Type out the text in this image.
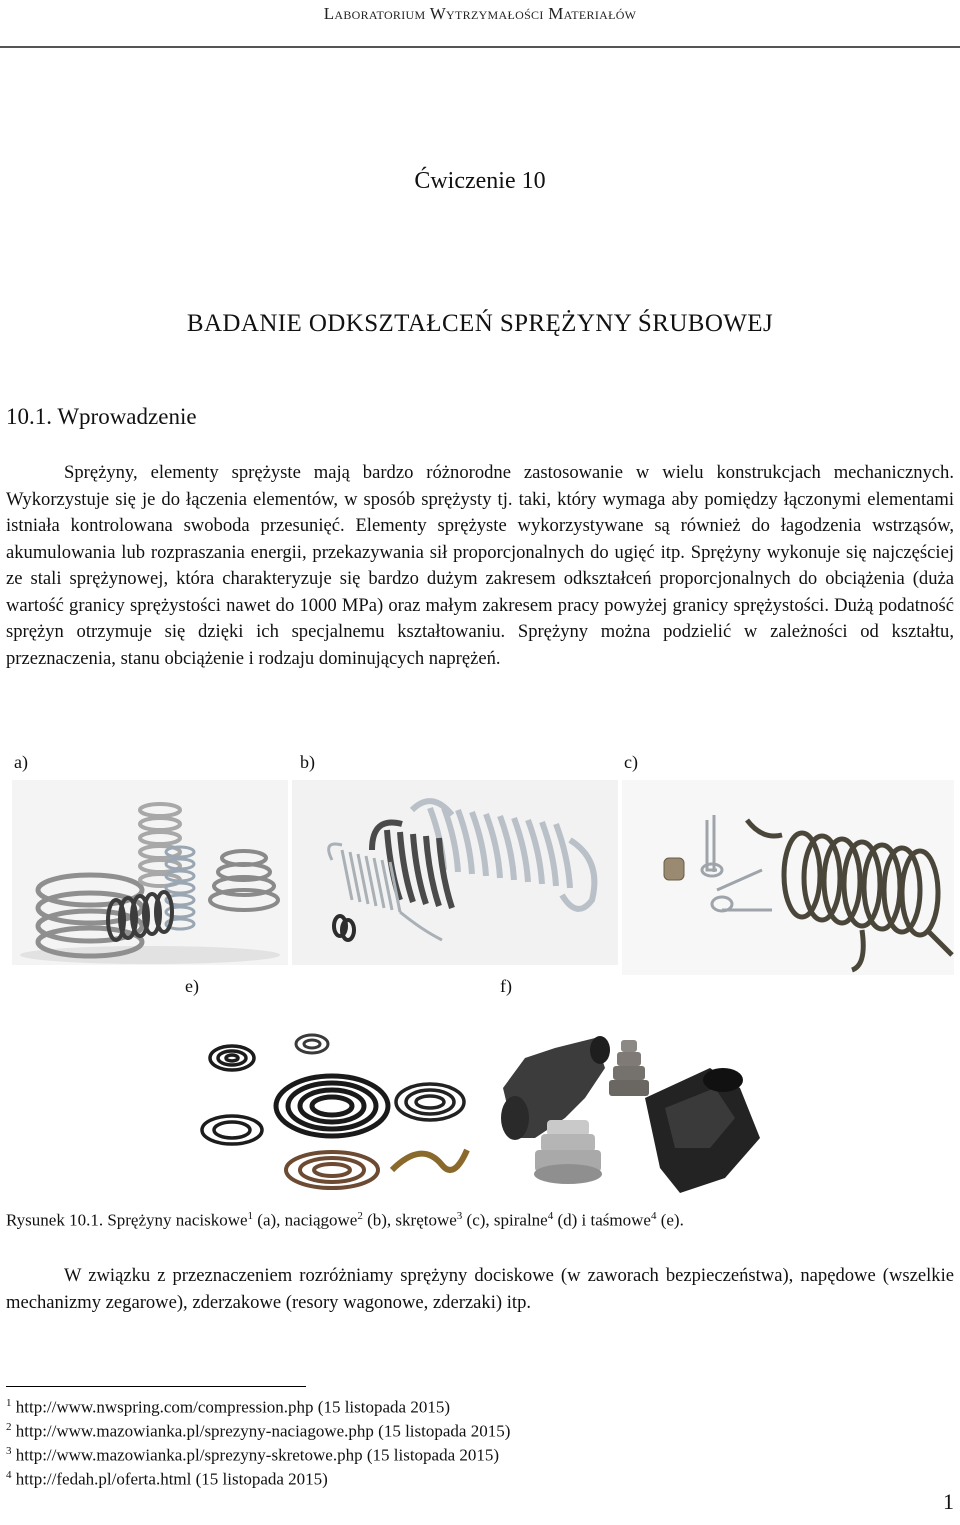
Laboratorium Wytrzymałości Materiałów
Ćwiczenie 10
BADANIE ODKSZTAŁCEŃ SPRĘŻYNY ŚRUBOWEJ
10.1. Wprowadzenie

Sprężyny, elementy sprężyste mają bardzo różnorodne zastosowanie w wielu konstrukcjach mechanicznych. Wykorzystuje się je do łączenia elementów, w sposób sprężysty tj. taki, który wymaga aby pomiędzy łączonymi elementami istniała kontrolowana swoboda przesunięć. Elementy sprężyste wykorzystywane są również do łagodzenia wstrząsów, akumulowania lub rozpraszania energii, przekazywania sił proporcjonalnych do ugięć itp. Sprężyny wykonuje się najczęściej ze stali sprężynowej, która charakteryzuje się bardzo dużym zakresem odkształceń proporcjonalnych do obciążenia (duża wartość granicy sprężystości nawet do 1000 MPa) oraz małym zakresem pracy powyżej granicy sprężystości. Dużą podatność sprężyn otrzymuje się dzięki ich specjalnemu kształtowaniu. Sprężyny można podzielić w zależności od kształtu, przeznaczenia, stanu obciążenie i rodzaju dominujących naprężeń.

a)	b)	c)
e)	f)
Rysunek 10.1. Sprężyny naciskowe$^1$ (a), naciągowe$^2$ (b), skrętowe$^3$ (c), spiralne$^4$ (d) i taśmowe$^4$ (e).

W związku z przeznaczeniem rozróżniamy sprężyny dociskowe (w zaworach bezpieczeństwa), napędowe (wszelkie mechanizmy zegarowe), zderzakowe (resory wagonowe, zderzaki) itp.

$^1$ http://www.nwspring.com/compression.php (15 listopada 2015)
$^2$ http://www.mazowianka.pl/sprezyny-naciagowe.php (15 listopada 2015)
$^3$ http://www.mazowianka.pl/sprezyny-skretowe.php (15 listopada 2015)
$^4$ http://fedah.pl/oferta.html (15 listopada 2015)
1
